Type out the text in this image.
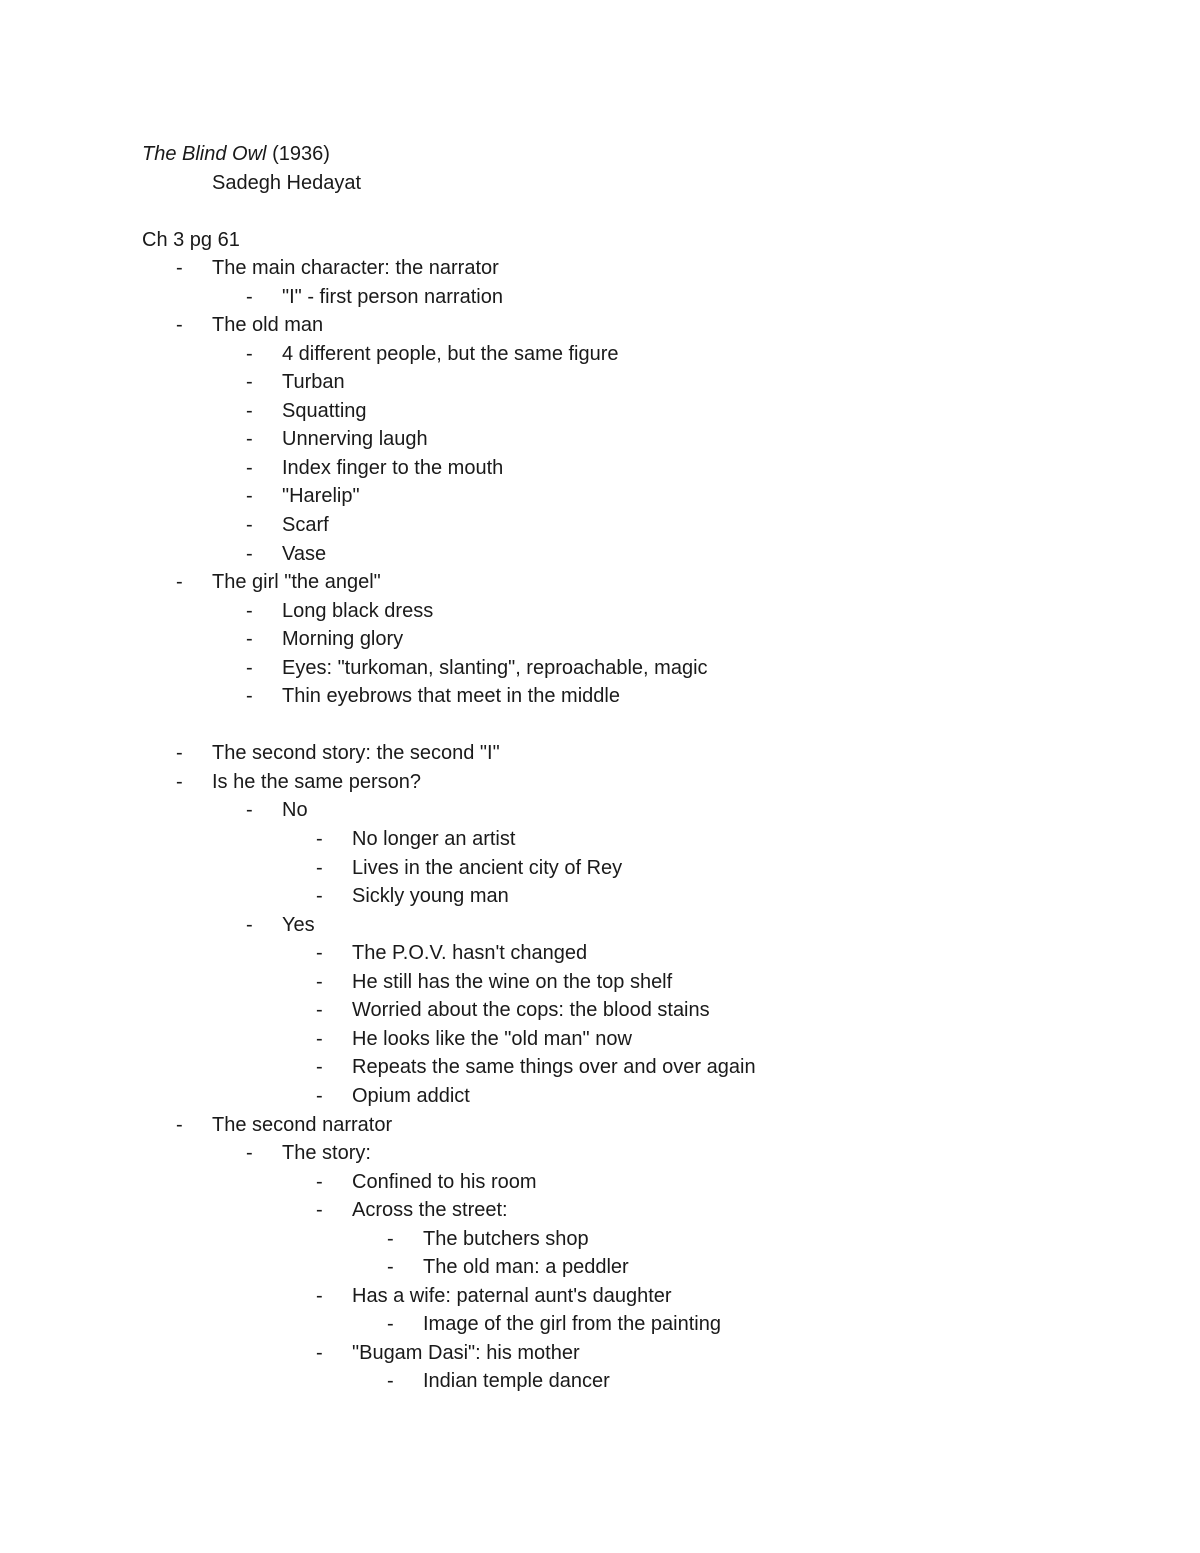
The Blind Owl (1936)
Sadegh Hedayat
Ch 3 pg 61
- The main character: the narrator
- "I" - first person narration
- The old man
- 4 different people, but the same figure
- Turban
- Squatting
- Unnerving laugh
- Index finger to the mouth
- "Harelip"
- Scarf
- Vase
- The girl "the angel"
- Long black dress
- Morning glory
- Eyes: "turkoman, slanting", reproachable, magic
- Thin eyebrows that meet in the middle
- The second story: the second "I"
- Is he the same person?
- No
- No longer an artist
- Lives in the ancient city of Rey
- Sickly young man
- Yes
- The P.O.V. hasn't changed
- He still has the wine on the top shelf
- Worried about the cops: the blood stains
- He looks like the "old man" now
- Repeats the same things over and over again
- Opium addict
- The second narrator
- The story:
- Confined to his room
- Across the street:
- The butchers shop
- The old man: a peddler
- Has a wife: paternal aunt's daughter
- Image of the girl from the painting
- "Bugam Dasi": his mother
- Indian temple dancer
